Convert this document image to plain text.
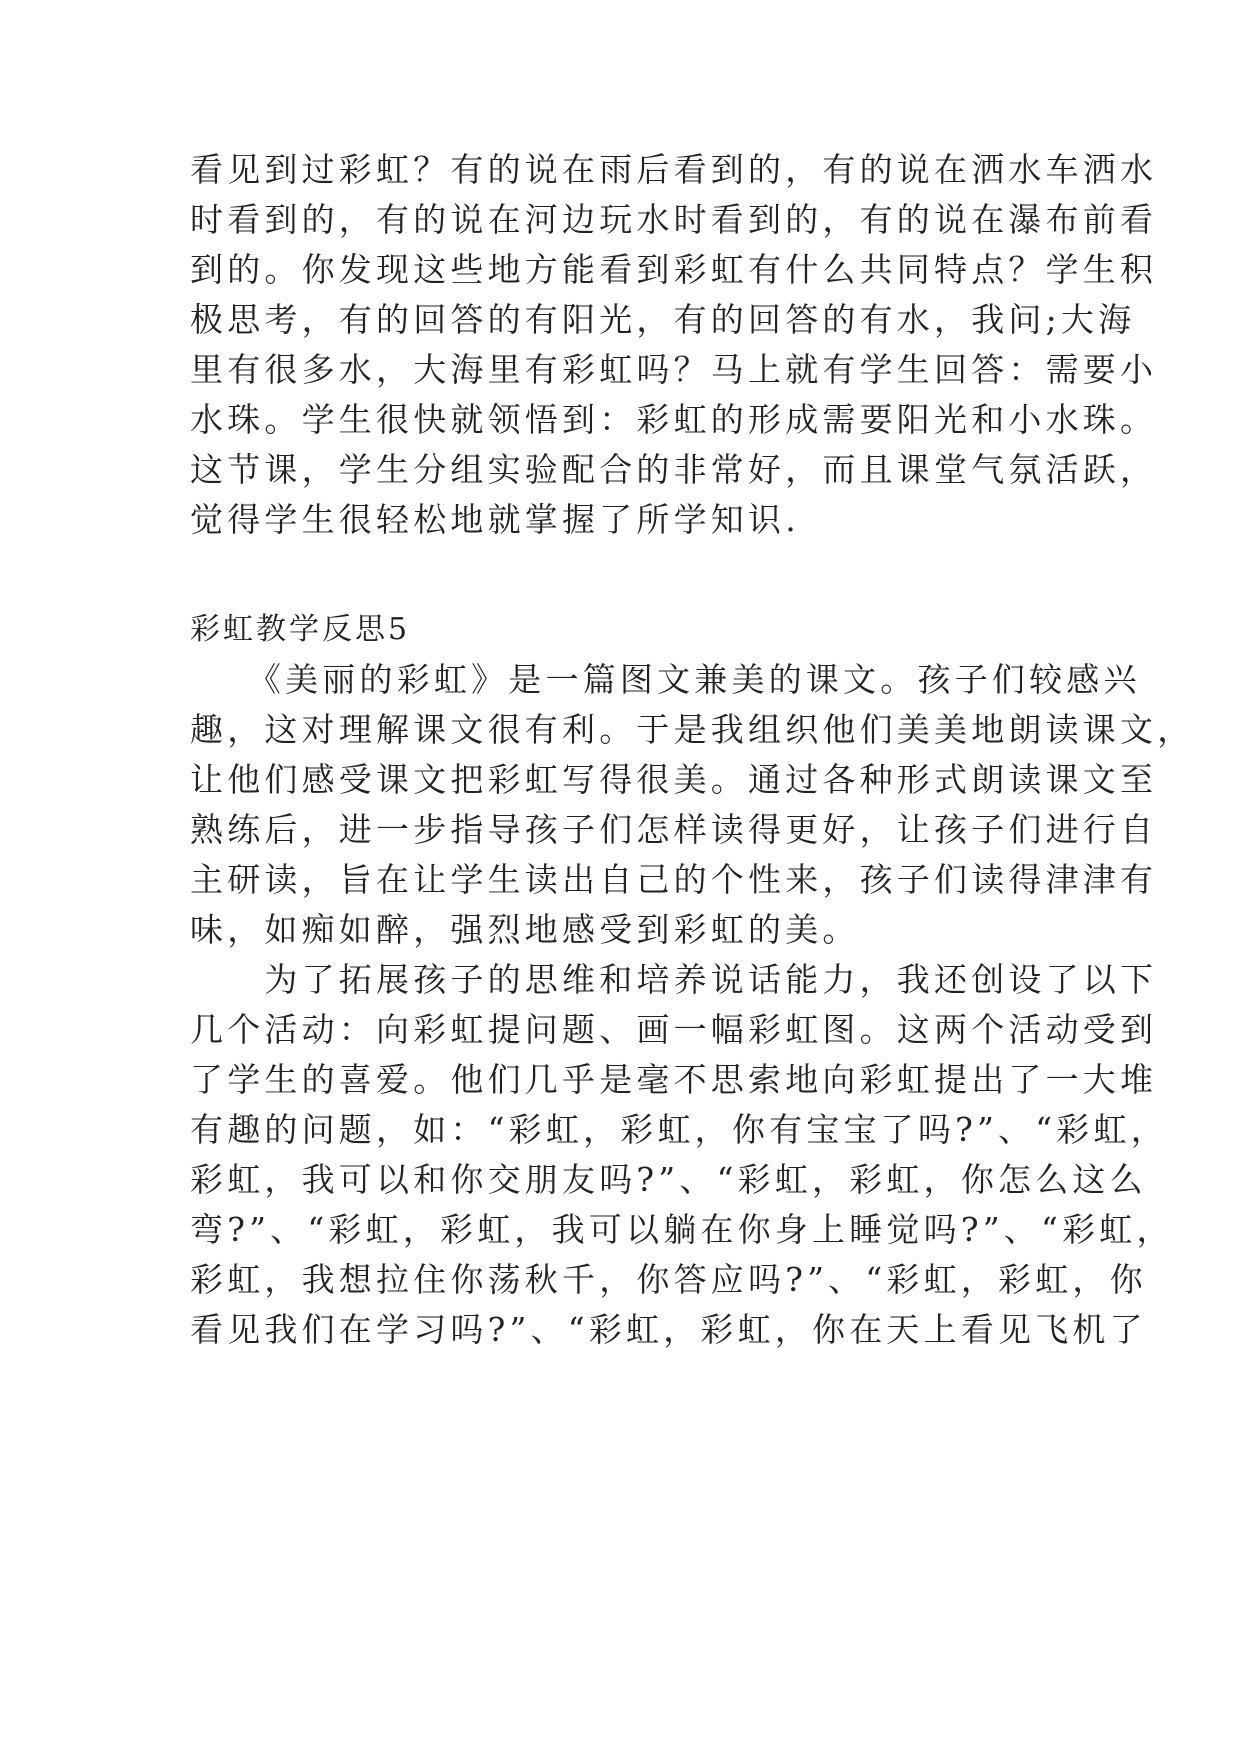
看见到过彩虹？有的说在雨后看到的，有的说在洒水车洒水
时看到的，有的说在河边玩水时看到的，有的说在瀑布前看
到的。你发现这些地方能看到彩虹有什么共同特点？学生积
极思考，有的回答的有阳光，有的回答的有水，我问;大海
里有很多水，大海里有彩虹吗？马上就有学生回答：需要小
水珠。学生很快就领悟到：彩虹的形成需要阳光和小水珠。
这节课，学生分组实验配合的非常好，而且课堂气氛活跃，
觉得学生很轻松地就掌握了所学知识.
彩虹教学反思5
　　《美丽的彩虹》是一篇图文兼美的课文。孩子们较感兴
趣，这对理解课文很有利。于是我组织他们美美地朗读课文，
让他们感受课文把彩虹写得很美。通过各种形式朗读课文至
熟练后，进一步指导孩子们怎样读得更好，让孩子们进行自
主研读，旨在让学生读出自己的个性来，孩子们读得津津有
味，如痴如醉，强烈地感受到彩虹的美。
　　为了拓展孩子的思维和培养说话能力，我还创设了以下
几个活动：向彩虹提问题、画一幅彩虹图。这两个活动受到
了学生的喜爱。他们几乎是毫不思索地向彩虹提出了一大堆
有趣的问题，如：“彩虹，彩虹，你有宝宝了吗?”、“彩虹，
彩虹，我可以和你交朋友吗?”、“彩虹，彩虹，你怎么这么
弯?”、“彩虹，彩虹，我可以躺在你身上睡觉吗?”、“彩虹，
彩虹，我想拉住你荡秋千，你答应吗?”、“彩虹，彩虹，你
看见我们在学习吗?”、“彩虹，彩虹，你在天上看见飞机了
